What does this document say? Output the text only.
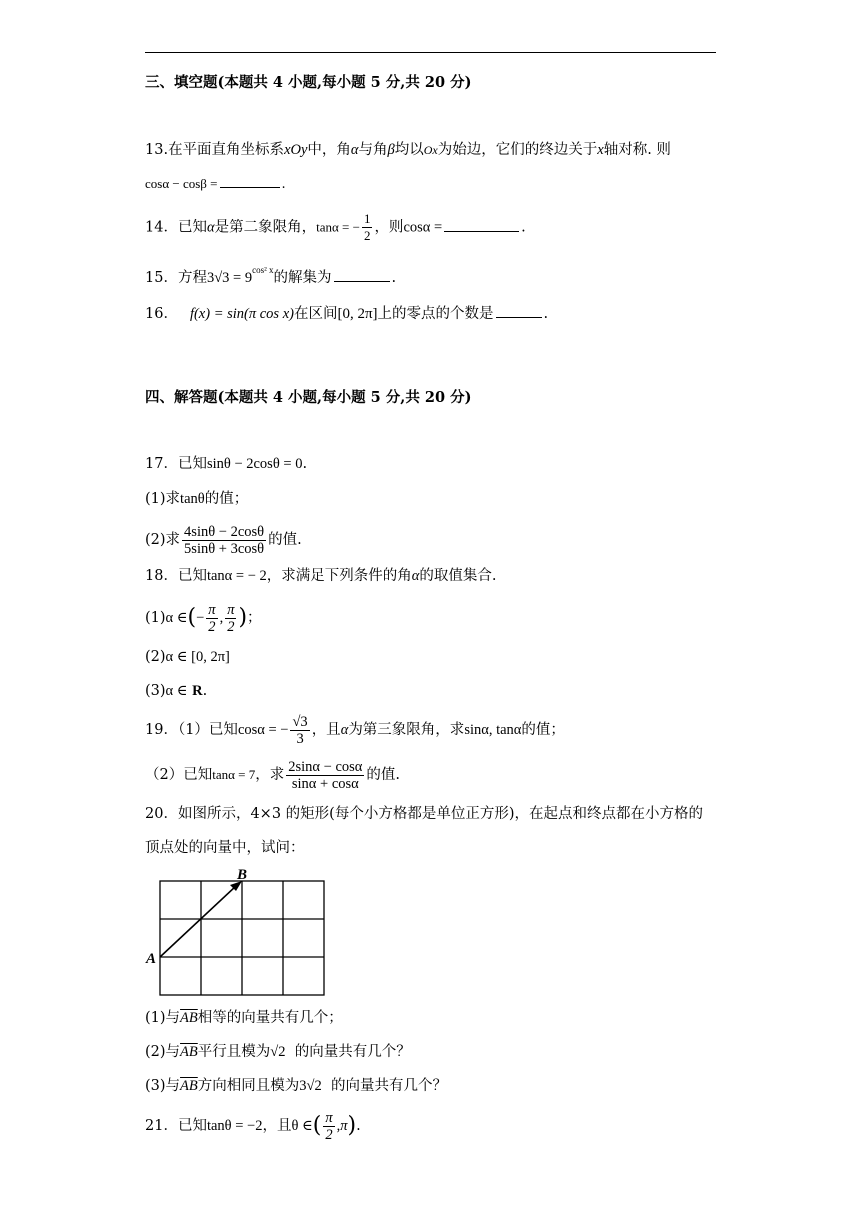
三、填空题(本题共 4 小题,每小题 5 分,共 20 分)
13.在平面直角坐标系xOy中，角α与角β均以Ox为始边，它们的终边关于x轴对称. 则
cosα − cosβ =	.
14．已知α是第二象限角，tanα = − $\frac{1}{2}$ ，则cosα =	.
15．方程$3√3 = 9^{cos^2 x}$的解集为	.
16． f(x) = sin(π cos x)在区间[0, 2π]上的零点的个数是	.
四、解答题(本题共 4 小题,每小题 5 分,共 20 分)
17．已知sinθ − 2cosθ = 0.
(1)求tanθ的值；
(2)求 $\frac{4\sin\theta - 2\cos\theta}{5\sin\theta + 3\cos\theta}$ 的值.
18．已知tanα = − 2，求满足下列条件的角α的取值集合.
(1)α ∈(− $\frac{\pi}{2}$ , $\frac{\pi}{2}$ )；
(2)α ∈ [0, 2π]
(3)α ∈ R.
19．（1）已知cosα = − $\frac{√3}{3}$ ，且α为第三象限角，求sinα, tanα的值；
（2）已知tanα = 7，求 $\frac{2\sin\alpha - \cos\alpha}{\sin\alpha + \cos\alpha}$ 的值.
20．如图所示，4×3 的矩形(每个小方格都是单位正方形)，在起点和终点都在小方格的
顶点处的向量中，试问：
A
B
(1)与$\overline{AB}$相等的向量共有几个；
(2)与$\overline{AB}$平行且模为√2 的向量共有几个？
(3)与$\overline{AB}$方向相同且模为3√2 的向量共有几个？
21．已知tanθ = −2，且θ ∈( $\frac{\pi}{2} ,\pi$).
